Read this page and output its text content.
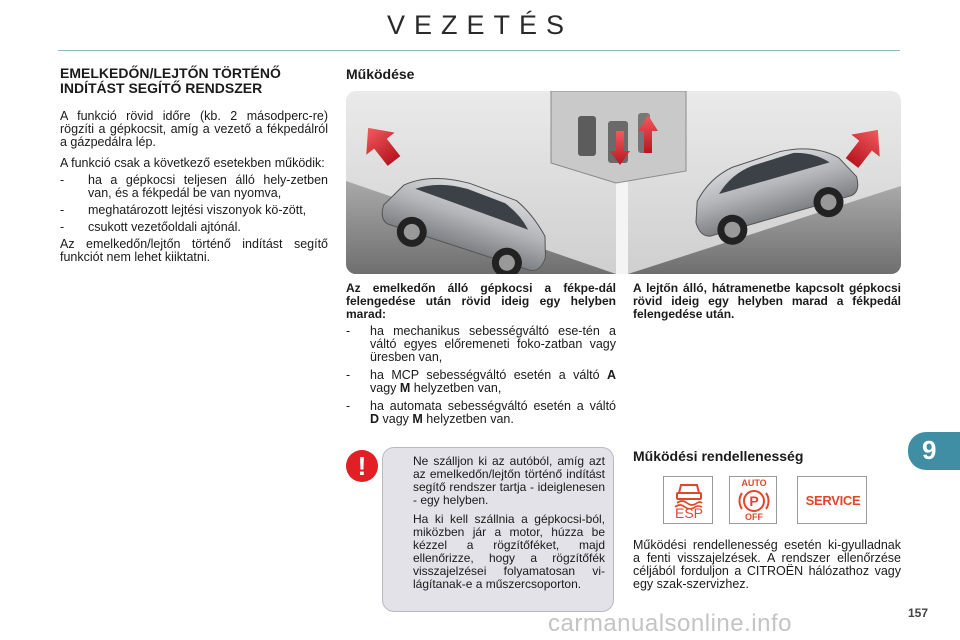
VEZETÉS
EMELKEDŐN/LEJTŐN TÖRTÉNŐ INDÍTÁST SEGÍTŐ RENDSZER

A funkció rövid időre (kb. 2 másodperc-re) rögzíti a gépkocsit, amíg a vezető a fékpedálról a gázpedálra lép.

A funkció csak a következő esetekben működik:

- ha a gépkocsi teljesen álló hely-zetben van, és a fékpedál be van nyomva,
- meghatározott lejtési viszonyok kö-zött,
- csukott vezetőoldali ajtónál.

Az emelkedőn/lejtőn történő indítást segítő funkciót nem lehet kiiktatni.

Működése
Az emelkedőn álló gépkocsi a fékpe-dál felengedése után rövid ideig egy helyben marad:
- ha mechanikus sebességváltó ese-tén a váltó egyes előremeneti foko-zatban vagy üresben van,
- ha MCP sebességváltó esetén a váltó A vagy M helyzetben van,
- ha automata sebességváltó esetén a váltó D vagy M helyzetben van.
A lejtőn álló, hátramenetbe kapcsolt gépkocsi rövid ideig egy helyben marad a fékpedál felengedése után.
!	Ne szálljon ki az autóból, amíg azt az emelkedőn/lejtőn történő indítást segítő rendszer tartja - ideiglenesen - egy helyben.

Ha ki kell szállnia a gépkocsi-ból, miközben jár a motor, húzza be kézzel a rögzítőféket, majd ellenőrizze, hogy a rögzítőfék visszajelzései folyamatosan vi-lágítanak-e a műszercsoporton.

Működési rendellenesség
ESP
AUTO
P
OFF
SERVICE
Működési rendellenesség esetén ki-gyulladnak a fenti visszajelzések. A rendszer ellenőrzése céljából forduljon a CITROËN hálózathoz vagy egy szak-szervizhez.
9
carmanualsonline.info	157
